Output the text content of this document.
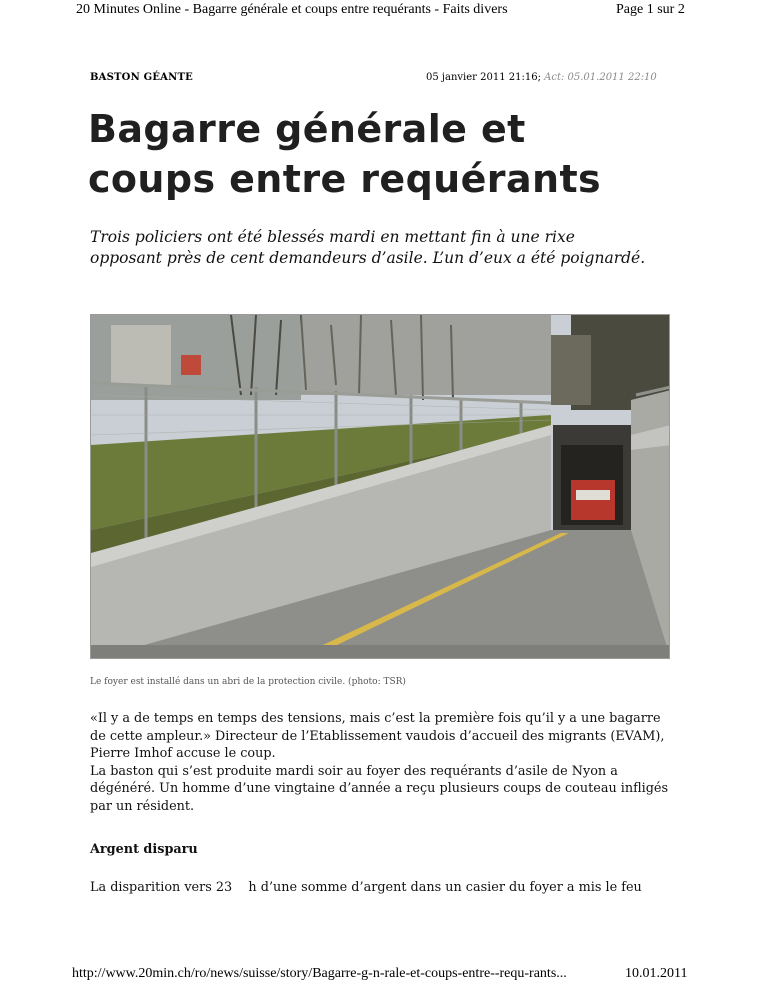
20 Minutes Online - Bagarre générale et coups entre requérants - Faits divers	Page 1 sur 2
BASTON GÉANTE	05 janvier 2011 21:16; Act: 05.01.2011 22:10
Bagarre générale et
coups entre requérants

Trois policiers ont été blessés mardi en mettant fin à une rixe opposant près de cent demandeurs d’asile. L’un d’eux a été poignardé.

Le foyer est installé dans un abri de la protection civile. (photo: TSR)

«Il y a de temps en temps des tensions, mais c’est la première fois qu’il y a une bagarre de cette ampleur.» Directeur de l’Etablissement vaudois d’accueil des migrants (EVAM), Pierre Imhof accuse le coup.

La baston qui s’est produite mardi soir au foyer des requérants d’asile de Nyon a dégénéré. Un homme d’une vingtaine d’année a reçu plusieurs coups de couteau infligés par un résident.

Argent disparu

La disparition vers 23    h d’une somme d’argent dans un casier du foyer a mis le feu

http://www.20min.ch/ro/news/suisse/story/Bagarre-g-n-rale-et-coups-entre--requ-rants...	10.01.2011
